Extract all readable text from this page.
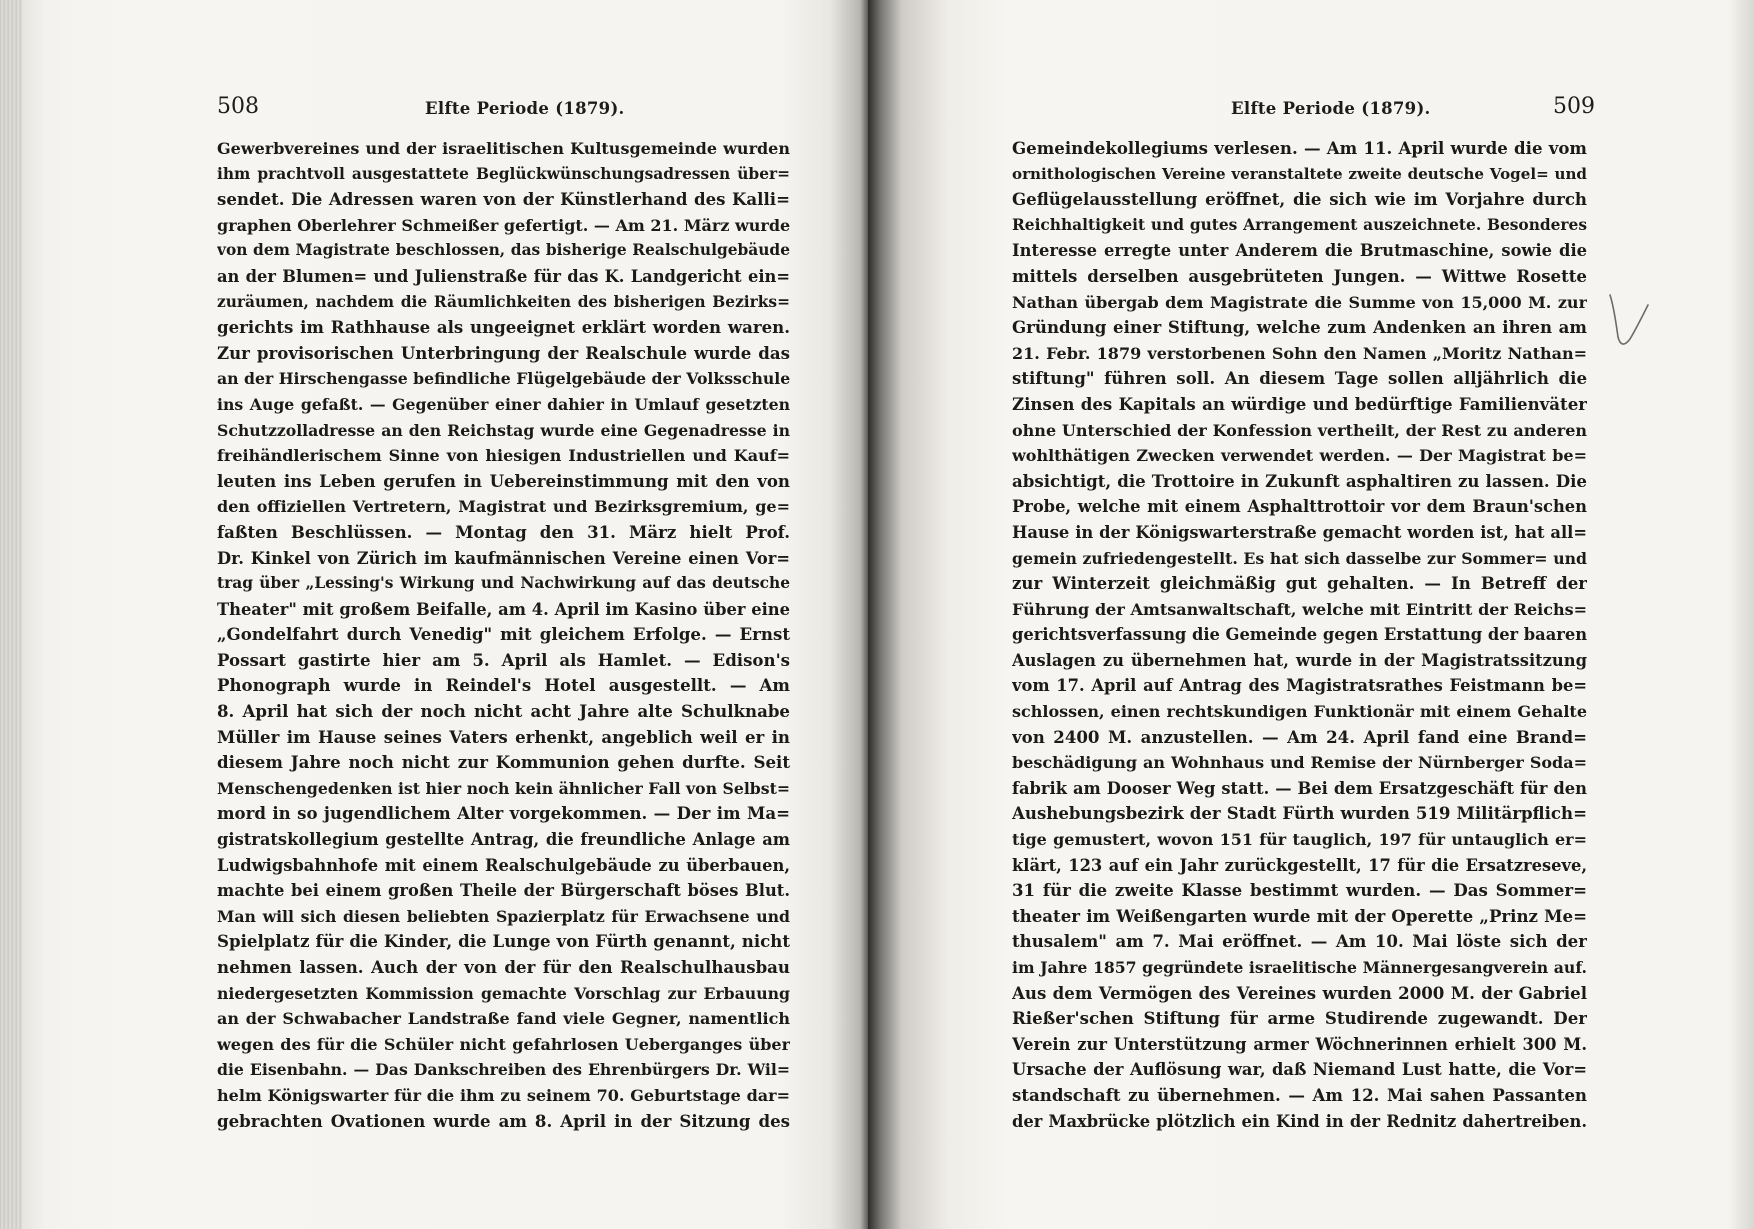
508	Elfte Periode (1879).
Gewerbvereines und der israelitischen Kultusgemeinde wurden
ihm prachtvoll ausgestattete Beglückwünschungsadressen über=
sendet. Die Adressen waren von der Künstlerhand des Kalli=
graphen Oberlehrer Schmeißer gefertigt. — Am 21. März wurde
von dem Magistrate beschlossen, das bisherige Realschulgebäude
an der Blumen= und Julienstraße für das K. Landgericht ein=
zuräumen, nachdem die Räumlichkeiten des bisherigen Bezirks=
gerichts im Rathhause als ungeeignet erklärt worden waren.
Zur provisorischen Unterbringung der Realschule wurde das
an der Hirschengasse befindliche Flügelgebäude der Volksschule
ins Auge gefaßt. — Gegenüber einer dahier in Umlauf gesetzten
Schutzzolladresse an den Reichstag wurde eine Gegenadresse in
freihändlerischem Sinne von hiesigen Industriellen und Kauf=
leuten ins Leben gerufen in Uebereinstimmung mit den von
den offiziellen Vertretern, Magistrat und Bezirksgremium, ge=
faßten Beschlüssen. — Montag den 31. März hielt Prof.
Dr. Kinkel von Zürich im kaufmännischen Vereine einen Vor=
trag über „Lessing's Wirkung und Nachwirkung auf das deutsche
Theater" mit großem Beifalle, am 4. April im Kasino über eine
„Gondelfahrt durch Venedig" mit gleichem Erfolge. — Ernst
Possart gastirte hier am 5. April als Hamlet. — Edison's
Phonograph wurde in Reindel's Hotel ausgestellt. — Am
8. April hat sich der noch nicht acht Jahre alte Schulknabe
Müller im Hause seines Vaters erhenkt, angeblich weil er in
diesem Jahre noch nicht zur Kommunion gehen durfte. Seit
Menschengedenken ist hier noch kein ähnlicher Fall von Selbst=
mord in so jugendlichem Alter vorgekommen. — Der im Ma=
gistratskollegium gestellte Antrag, die freundliche Anlage am
Ludwigsbahnhofe mit einem Realschulgebäude zu überbauen,
machte bei einem großen Theile der Bürgerschaft böses Blut.
Man will sich diesen beliebten Spazierplatz für Erwachsene und
Spielplatz für die Kinder, die Lunge von Fürth genannt, nicht
nehmen lassen. Auch der von der für den Realschulhausbau
niedergesetzten Kommission gemachte Vorschlag zur Erbauung
an der Schwabacher Landstraße fand viele Gegner, namentlich
wegen des für die Schüler nicht gefahrlosen Ueberganges über
die Eisenbahn. — Das Dankschreiben des Ehrenbürgers Dr. Wil=
helm Königswarter für die ihm zu seinem 70. Geburtstage dar=
gebrachten Ovationen wurde am 8. April in der Sitzung des
Elfte Periode (1879).	509
Gemeindekollegiums verlesen. — Am 11. April wurde die vom
ornithologischen Vereine veranstaltete zweite deutsche Vogel= und
Geflügelausstellung eröffnet, die sich wie im Vorjahre durch
Reichhaltigkeit und gutes Arrangement auszeichnete. Besonderes
Interesse erregte unter Anderem die Brutmaschine, sowie die
mittels derselben ausgebrüteten Jungen. — Wittwe Rosette
Nathan übergab dem Magistrate die Summe von 15,000 M. zur
Gründung einer Stiftung, welche zum Andenken an ihren am
21. Febr. 1879 verstorbenen Sohn den Namen „Moritz Nathan=
stiftung" führen soll. An diesem Tage sollen alljährlich die
Zinsen des Kapitals an würdige und bedürftige Familienväter
ohne Unterschied der Konfession vertheilt, der Rest zu anderen
wohlthätigen Zwecken verwendet werden. — Der Magistrat be=
absichtigt, die Trottoire in Zukunft asphaltiren zu lassen. Die
Probe, welche mit einem Asphalttrottoir vor dem Braun'schen
Hause in der Königswarterstraße gemacht worden ist, hat all=
gemein zufriedengestellt. Es hat sich dasselbe zur Sommer= und
zur Winterzeit gleichmäßig gut gehalten. — In Betreff der
Führung der Amtsanwaltschaft, welche mit Eintritt der Reichs=
gerichtsverfassung die Gemeinde gegen Erstattung der baaren
Auslagen zu übernehmen hat, wurde in der Magistratssitzung
vom 17. April auf Antrag des Magistratsrathes Feistmann be=
schlossen, einen rechtskundigen Funktionär mit einem Gehalte
von 2400 M. anzustellen. — Am 24. April fand eine Brand=
beschädigung an Wohnhaus und Remise der Nürnberger Soda=
fabrik am Dooser Weg statt. — Bei dem Ersatzgeschäft für den
Aushebungsbezirk der Stadt Fürth wurden 519 Militärpflich=
tige gemustert, wovon 151 für tauglich, 197 für untauglich er=
klärt, 123 auf ein Jahr zurückgestellt, 17 für die Ersatzreseve,
31 für die zweite Klasse bestimmt wurden. — Das Sommer=
theater im Weißengarten wurde mit der Operette „Prinz Me=
thusalem" am 7. Mai eröffnet. — Am 10. Mai löste sich der
im Jahre 1857 gegründete israelitische Männergesangverein auf.
Aus dem Vermögen des Vereines wurden 2000 M. der Gabriel
Rießer'schen Stiftung für arme Studirende zugewandt. Der
Verein zur Unterstützung armer Wöchnerinnen erhielt 300 M.
Ursache der Auflösung war, daß Niemand Lust hatte, die Vor=
standschaft zu übernehmen. — Am 12. Mai sahen Passanten
der Maxbrücke plötzlich ein Kind in der Rednitz dahertreiben.
